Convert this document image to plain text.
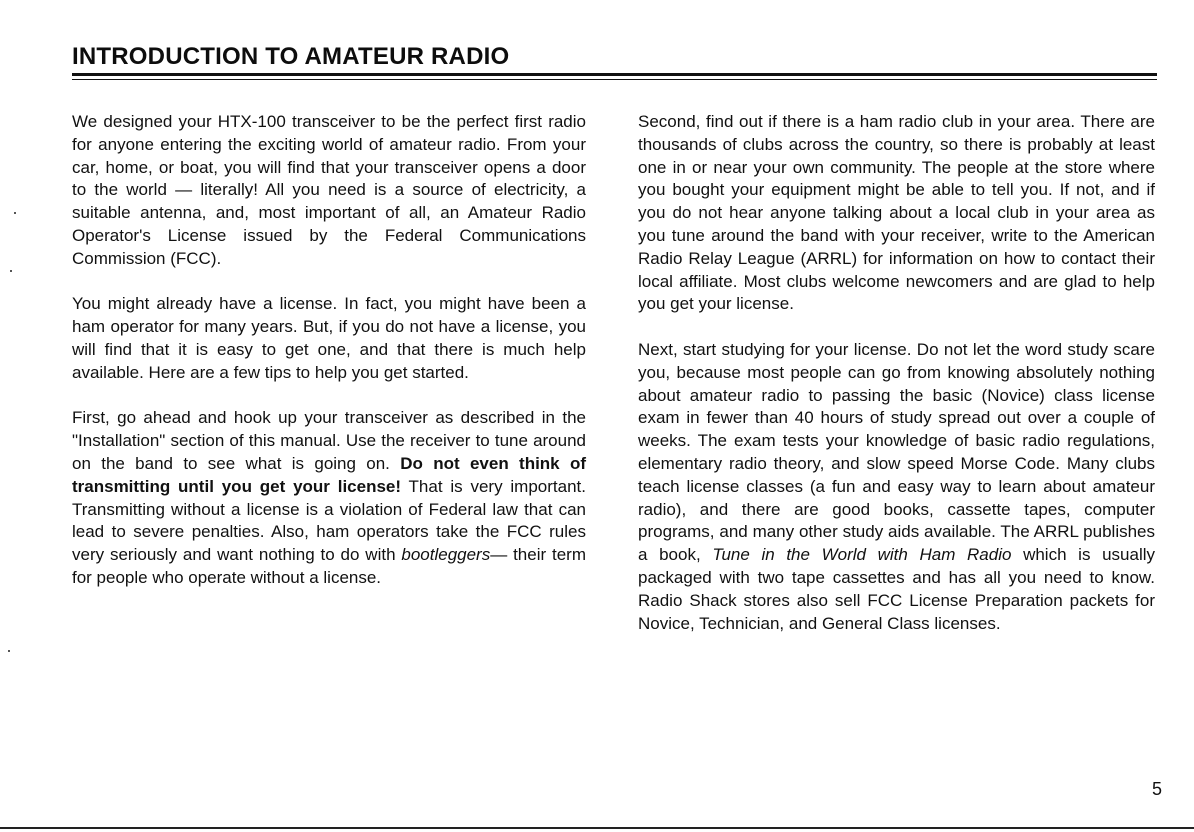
INTRODUCTION TO AMATEUR RADIO

We designed your HTX-100 transceiver to be the perfect first radio for anyone entering the exciting world of amateur radio. From your car, home, or boat, you will find that your transceiver opens a door to the world — literally! All you need is a source of electricity, a suitable antenna, and, most important of all, an Amateur Radio Operator's License issued by the Federal Communications Commission (FCC).

You might already have a license. In fact, you might have been a ham operator for many years. But, if you do not have a license, you will find that it is easy to get one, and that there is much help available. Here are a few tips to help you get started.

First, go ahead and hook up your transceiver as described in the "Installation" section of this manual. Use the receiver to tune around on the band to see what is going on. Do not even think of transmitting until you get your license! That is very important. Transmitting without a license is a violation of Federal law that can lead to severe penalties. Also, ham operators take the FCC rules very seriously and want nothing to do with bootleggers— their term for people who operate without a license.

Second, find out if there is a ham radio club in your area. There are thousands of clubs across the country, so there is probably at least one in or near your own community. The people at the store where you bought your equipment might be able to tell you. If not, and if you do not hear anyone talking about a local club in your area as you tune around the band with your receiver, write to the American Radio Relay League (ARRL) for information on how to contact their local affiliate. Most clubs welcome newcomers and are glad to help you get your license.

Next, start studying for your license. Do not let the word study scare you, because most people can go from knowing absolutely nothing about amateur radio to passing the basic (Novice) class license exam in fewer than 40 hours of study spread out over a couple of weeks. The exam tests your knowledge of basic radio regulations, elementary radio theory, and slow speed Morse Code. Many clubs teach license classes (a fun and easy way to learn about amateur radio), and there are good books, cassette tapes, computer programs, and many other study aids available. The ARRL publishes a book, Tune in the World with Ham Radio which is usually packaged with two tape cassettes and has all you need to know. Radio Shack stores also sell FCC License Preparation packets for Novice, Technician, and General Class licenses.

5
